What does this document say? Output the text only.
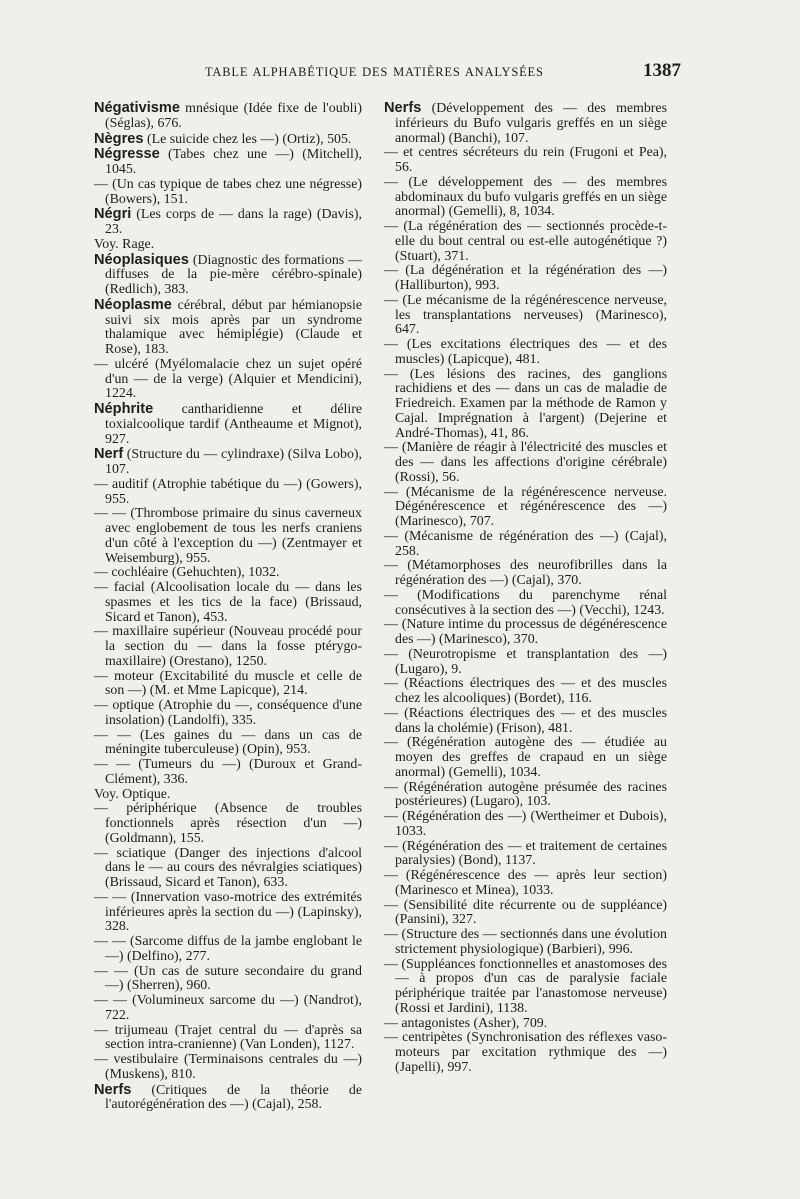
TABLE ALPHABÉTIQUE DES MATIÈRES ANALYSÉES	1387

Négativisme mnésique (Idée fixe de l'oubli) (Séglas), 676.

Nègres (Le suicide chez les —) (Ortiz), 505.

Négresse (Tabes chez une —) (Mitchell), 1045.

— (Un cas typique de tabes chez une négresse) (Bowers), 151.

Négri (Les corps de — dans la rage) (Davis), 23.

Voy. Rage.

Néoplasiques (Diagnostic des formations — diffuses de la pie-mère cérébro-spinale) (Redlich), 383.

Néoplasme cérébral, début par hémianopsie suivi six mois après par un syndrome thalamique avec hémiplégie) (Claude et Rose), 183.

— ulcéré (Myélomalacie chez un sujet opéré d'un — de la verge) (Alquier et Mendicini), 1224.

Néphrite cantharidienne et délire toxialcoolique tardif (Antheaume et Mignot), 927.

Nerf (Structure du — cylindraxe) (Silva Lobo), 107.

— auditif (Atrophie tabétique du —) (Gowers), 955.

— — (Thrombose primaire du sinus caverneux avec englobement de tous les nerfs craniens d'un côté à l'exception du —) (Zentmayer et Weisemburg), 955.

— cochléaire (Gehuchten), 1032.

— facial (Alcoolisation locale du — dans les spasmes et les tics de la face) (Brissaud, Sicard et Tanon), 453.

— maxillaire supérieur (Nouveau procédé pour la section du — dans la fosse ptérygo-maxillaire) (Orestano), 1250.

— moteur (Excitabilité du muscle et celle de son —) (M. et Mme Lapicque), 214.

— optique (Atrophie du —, conséquence d'une insolation) (Landolfi), 335.

— — (Les gaines du — dans un cas de méningite tuberculeuse) (Opin), 953.

— — (Tumeurs du —) (Duroux et Grand-Clément), 336.

Voy. Optique.

— périphérique (Absence de troubles fonctionnels après résection d'un —) (Goldmann), 155.

— sciatique (Danger des injections d'alcool dans le — au cours des névralgies sciatiques) (Brissaud, Sicard et Tanon), 633.

— — (Innervation vaso-motrice des extrémités inférieures après la section du —) (Lapinsky), 328.

— — (Sarcome diffus de la jambe englobant le —) (Delfino), 277.

— — (Un cas de suture secondaire du grand —) (Sherren), 960.

— — (Volumineux sarcome du —) (Nandrot), 722.

— trijumeau (Trajet central du — d'après sa section intra-cranienne) (Van Londen), 1127.

— vestibulaire (Terminaisons centrales du —) (Muskens), 810.

Nerfs (Critiques de la théorie de l'autorégénération des —) (Cajal), 258.

Nerfs (Développement des — des membres inférieurs du Bufo vulgaris greffés en un siège anormal) (Banchi), 107.

— et centres sécréteurs du rein (Frugoni et Pea), 56.

— (Le développement des — des membres abdominaux du bufo vulgaris greffés en un siège anormal) (Gemelli), 8, 1034.

— (La régénération des — sectionnés procède-t-elle du bout central ou est-elle autogénétique ?) (Stuart), 371.

— (La dégénération et la régénération des —) (Halliburton), 993.

— (Le mécanisme de la régénérescence nerveuse, les transplantations nerveuses) (Marinesco), 647.

— (Les excitations électriques des — et des muscles) (Lapicque), 481.

— (Les lésions des racines, des ganglions rachidiens et des — dans un cas de maladie de Friedreich. Examen par la méthode de Ramon y Cajal. Imprégnation à l'argent) (Dejerine et André-Thomas), 41, 86.

— (Manière de réagir à l'électricité des muscles et des — dans les affections d'origine cérébrale) (Rossi), 56.

— (Mécanisme de la régénérescence nerveuse. Dégénérescence et régénérescence des —) (Marinesco), 707.

— (Mécanisme de régénération des —) (Cajal), 258.

— (Métamorphoses des neurofibrilles dans la régénération des —) (Cajal), 370.

— (Modifications du parenchyme rénal consécutives à la section des —) (Vecchi), 1243.

— (Nature intime du processus de dégénérescence des —) (Marinesco), 370.

— (Neurotropisme et transplantation des —) (Lugaro), 9.

— (Réactions électriques des — et des muscles chez les alcooliques) (Bordet), 116.

— (Réactions électriques des — et des muscles dans la cholémie) (Frison), 481.

— (Régénération autogène des — étudiée au moyen des greffes de crapaud en un siège anormal) (Gemelli), 1034.

— (Régénération autogène présumée des racines postérieures) (Lugaro), 103.

— (Régénération des —) (Wertheimer et Dubois), 1033.

— (Régénération des — et traitement de certaines paralysies) (Bond), 1137.

— (Régénérescence des — après leur section) (Marinesco et Minea), 1033.

— (Sensibilité dite récurrente ou de suppléance) (Pansini), 327.

— (Structure des — sectionnés dans une évolution strictement physiologique) (Barbieri), 996.

— (Suppléances fonctionnelles et anastomoses des — à propos d'un cas de paralysie faciale périphérique traitée par l'anastomose nerveuse) (Rossi et Jardini), 1138.

— antagonistes (Asher), 709.

— centripètes (Synchronisation des réflexes vaso-moteurs par excitation rythmique des —) (Japelli), 997.
